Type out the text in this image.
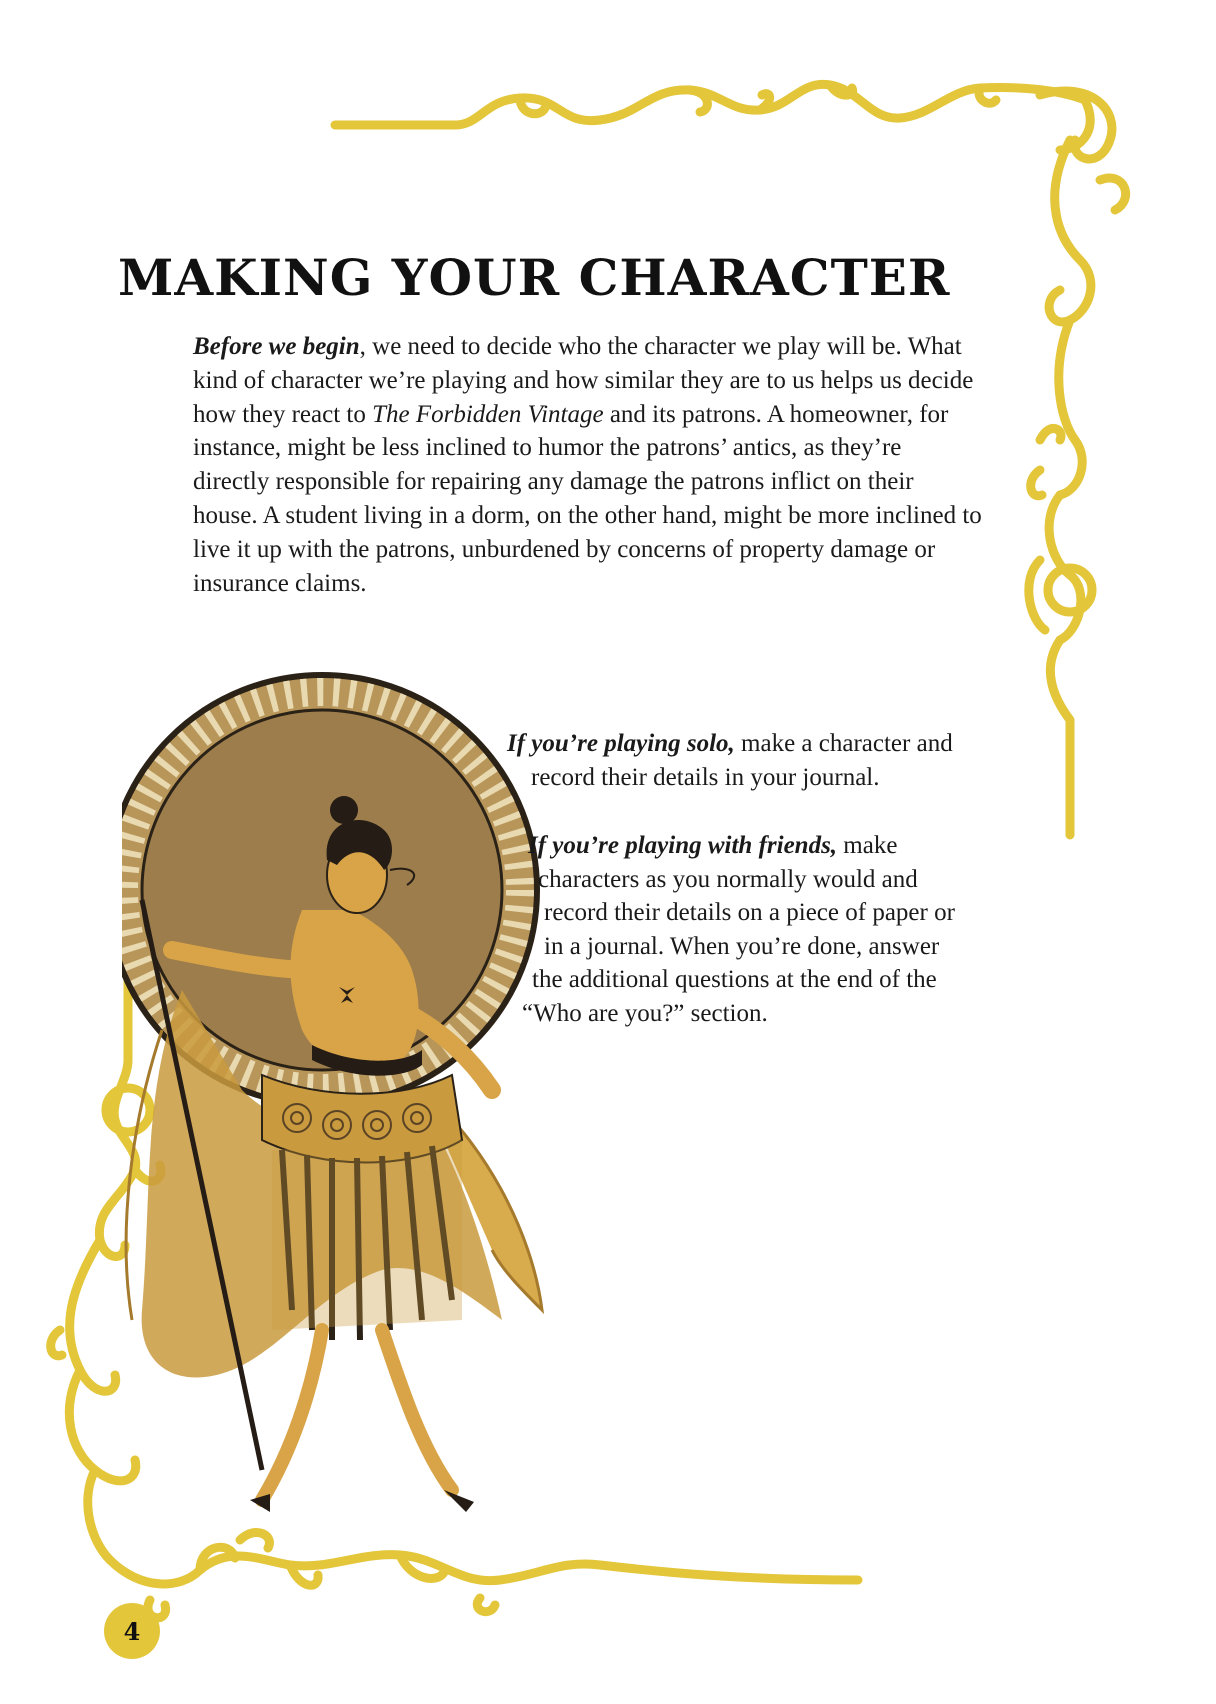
MAKING YOUR CHARACTER

Before we begin, we need to decide who the character we play will be. What kind of character we’re playing and how similar they are to us helps us decide how they react to The Forbidden Vintage and its patrons. A homeowner, for instance, might be less inclined to humor the patrons’ antics, as they’re directly responsible for repairing any damage the patrons inflict on their house. A student living in a dorm, on the other hand, might be more inclined to live it up with the patrons, unburdened by concerns of property damage or insurance claims.

If you’re playing solo, make a character and
record their details in your journal.

If you’re playing with friends, make
characters as you normally would and
record their details on a piece of paper or
in a journal. When you’re done, answer
the additional questions at the end of the
“Who are you?” section.

4
